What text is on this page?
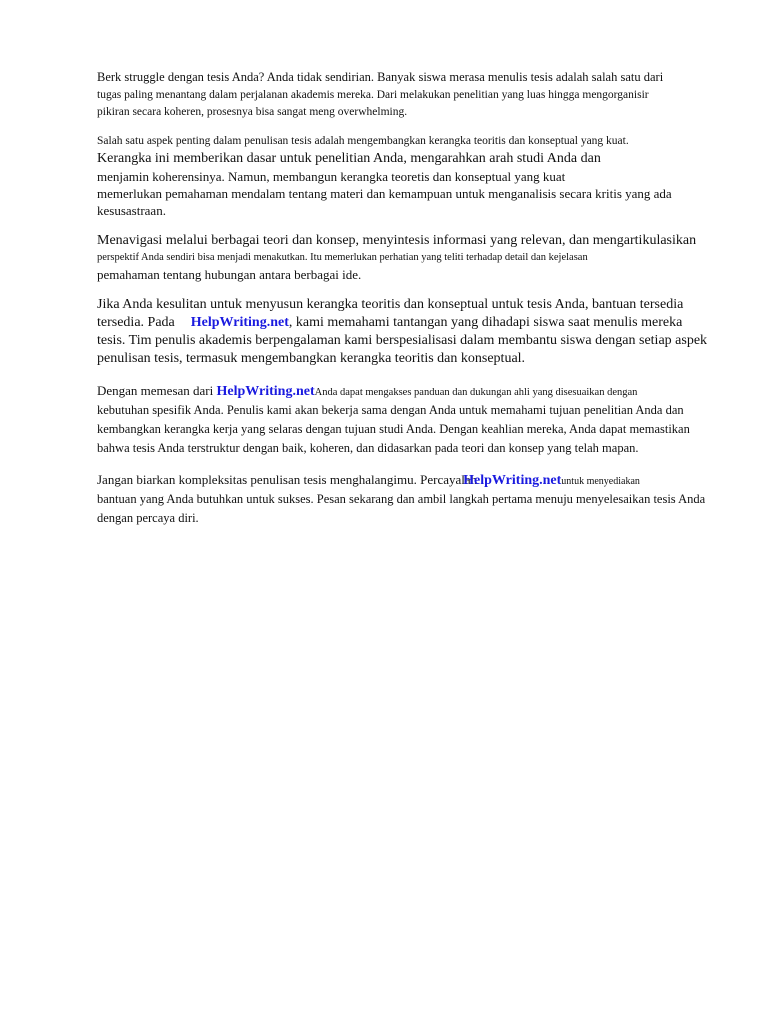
Berk struggle dengan tesis Anda? Anda tidak sendirian. Banyak siswa merasa menulis tesis adalah salah satu dari
tugas paling menantang dalam perjalanan akademis mereka. Dari melakukan penelitian yang luas hingga mengorganisir
pikiran secara koheren, prosesnya bisa sangat meng overwhelming.

Salah satu aspek penting dalam penulisan tesis adalah mengembangkan kerangka teoritis dan konseptual yang kuat.
Kerangka ini memberikan dasar untuk penelitian Anda, mengarahkan arah studi Anda dan
menjamin koherensinya. Namun, membangun kerangka teoretis dan konseptual yang kuat
memerlukan pemahaman mendalam tentang materi dan kemampuan untuk menganalisis secara kritis yang ada
kesusastraan.

Menavigasi melalui berbagai teori dan konsep, menyintesis informasi yang relevan, dan mengartikulasikan
perspektif Anda sendiri bisa menjadi menakutkan. Itu memerlukan perhatian yang teliti terhadap detail dan kejelasan
pemahaman tentang hubungan antara berbagai ide.

Jika Anda kesulitan untuk menyusun kerangka teoritis dan konseptual untuk tesis Anda, bantuan tersedia
tersedia. Pada HelpWriting.net, kami memahami tantangan yang dihadapi siswa saat menulis mereka
tesis. Tim penulis akademis berpengalaman kami berspesialisasi dalam membantu siswa dengan setiap aspek
penulisan tesis, termasuk mengembangkan kerangka teoritis dan konseptual.

Dengan memesan dari HelpWriting.netAnda dapat mengakses panduan dan dukungan ahli yang disesuaikan dengan
kebutuhan spesifik Anda. Penulis kami akan bekerja sama dengan Anda untuk memahami tujuan penelitian Anda dan
kembangkan kerangka kerja yang selaras dengan tujuan studi Anda. Dengan keahlian mereka, Anda dapat memastikan
bahwa tesis Anda terstruktur dengan baik, koheren, dan didasarkan pada teori dan konsep yang telah mapan.

Jangan biarkan kompleksitas penulisan tesis menghalangimu. PercayalahHelpWriting.netuntuk menyediakan
bantuan yang Anda butuhkan untuk sukses. Pesan sekarang dan ambil langkah pertama menuju menyelesaikan tesis Anda
dengan percaya diri.
